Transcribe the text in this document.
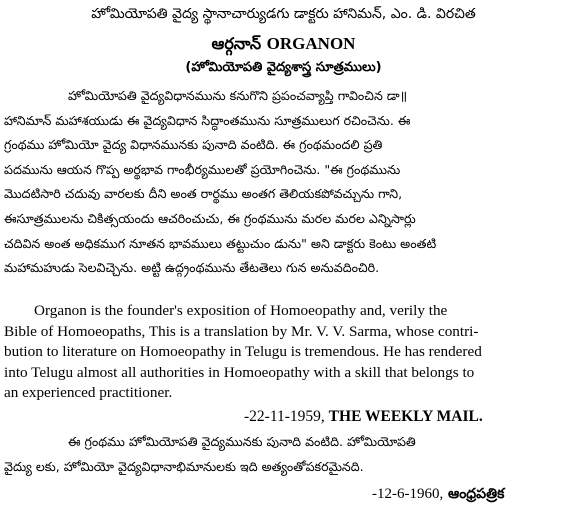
హోమియోపతి వైద్య స్థానాచార్యుడగు డాక్టరు హానిమన్, ఎం. డి. విరచిత
ఆర్గనాన్ ORGANON
(హోమియోపతి వైద్యశాస్త్ర సూత్రములు)
హోమియోపతి వైద్యవిధానమును కనుగొని ప్రపంచవ్యాప్తి గావించిన డా॥
హానిమాన్ మహాశయుడు ఈ వైద్యవిధాన సిద్ధాంతమును సూత్రములుగ రచించెను. ఈ
గ్రంథము హోమియో వైద్య విధానమునకు పునాది వంటిది. ఈ గ్రంథమందలి ప్రతి
పదమును ఆయన గొప్ప అర్థభావ గాంభీర్యములతో ప్రయోగించెను. "ఈ గ్రంథమును
మొదటిసారి చదువు వారలకు దీని అంత రార్థము అంతగ తెలియకపోవచ్చును గాని,
ఈసూత్రములను చికిత్సయందు ఆచరించుచు, ఈ గ్రంథమును మరల మరల ఎన్నిసార్లు
చదివిన అంత అధికముగ నూతన భావములు తట్టుచుం డును" అని డాక్టరు కెంటు అంతటి
మహామహుడు సెలవిచ్చెను. అట్టి ఉద్గ్రంథమును తేటతెలు గున అనువదించిరి.
Organon is the founder's exposition of Homoeopathy and, verily the
Bible of Homoeopaths, This is a translation by Mr. V. V. Sarma, whose contri-
bution to literature on Homoeopathy in Telugu is tremendous. He has rendered
into Telugu almost all authorities in Homoeopathy with a skill that belongs to
an experienced practitioner.
-22-11-1959, THE WEEKLY MAIL.
ఈ గ్రంథము హోమియోపతి వైద్యమునకు పునాది వంటిది. హోమియోపతి
వైద్యు లకు, హోమియో వైద్యవిధానాభిమానులకు ఇది అత్యంతోపకరమైనది.
-12-6-1960, ఆంధ్రపత్రిక
